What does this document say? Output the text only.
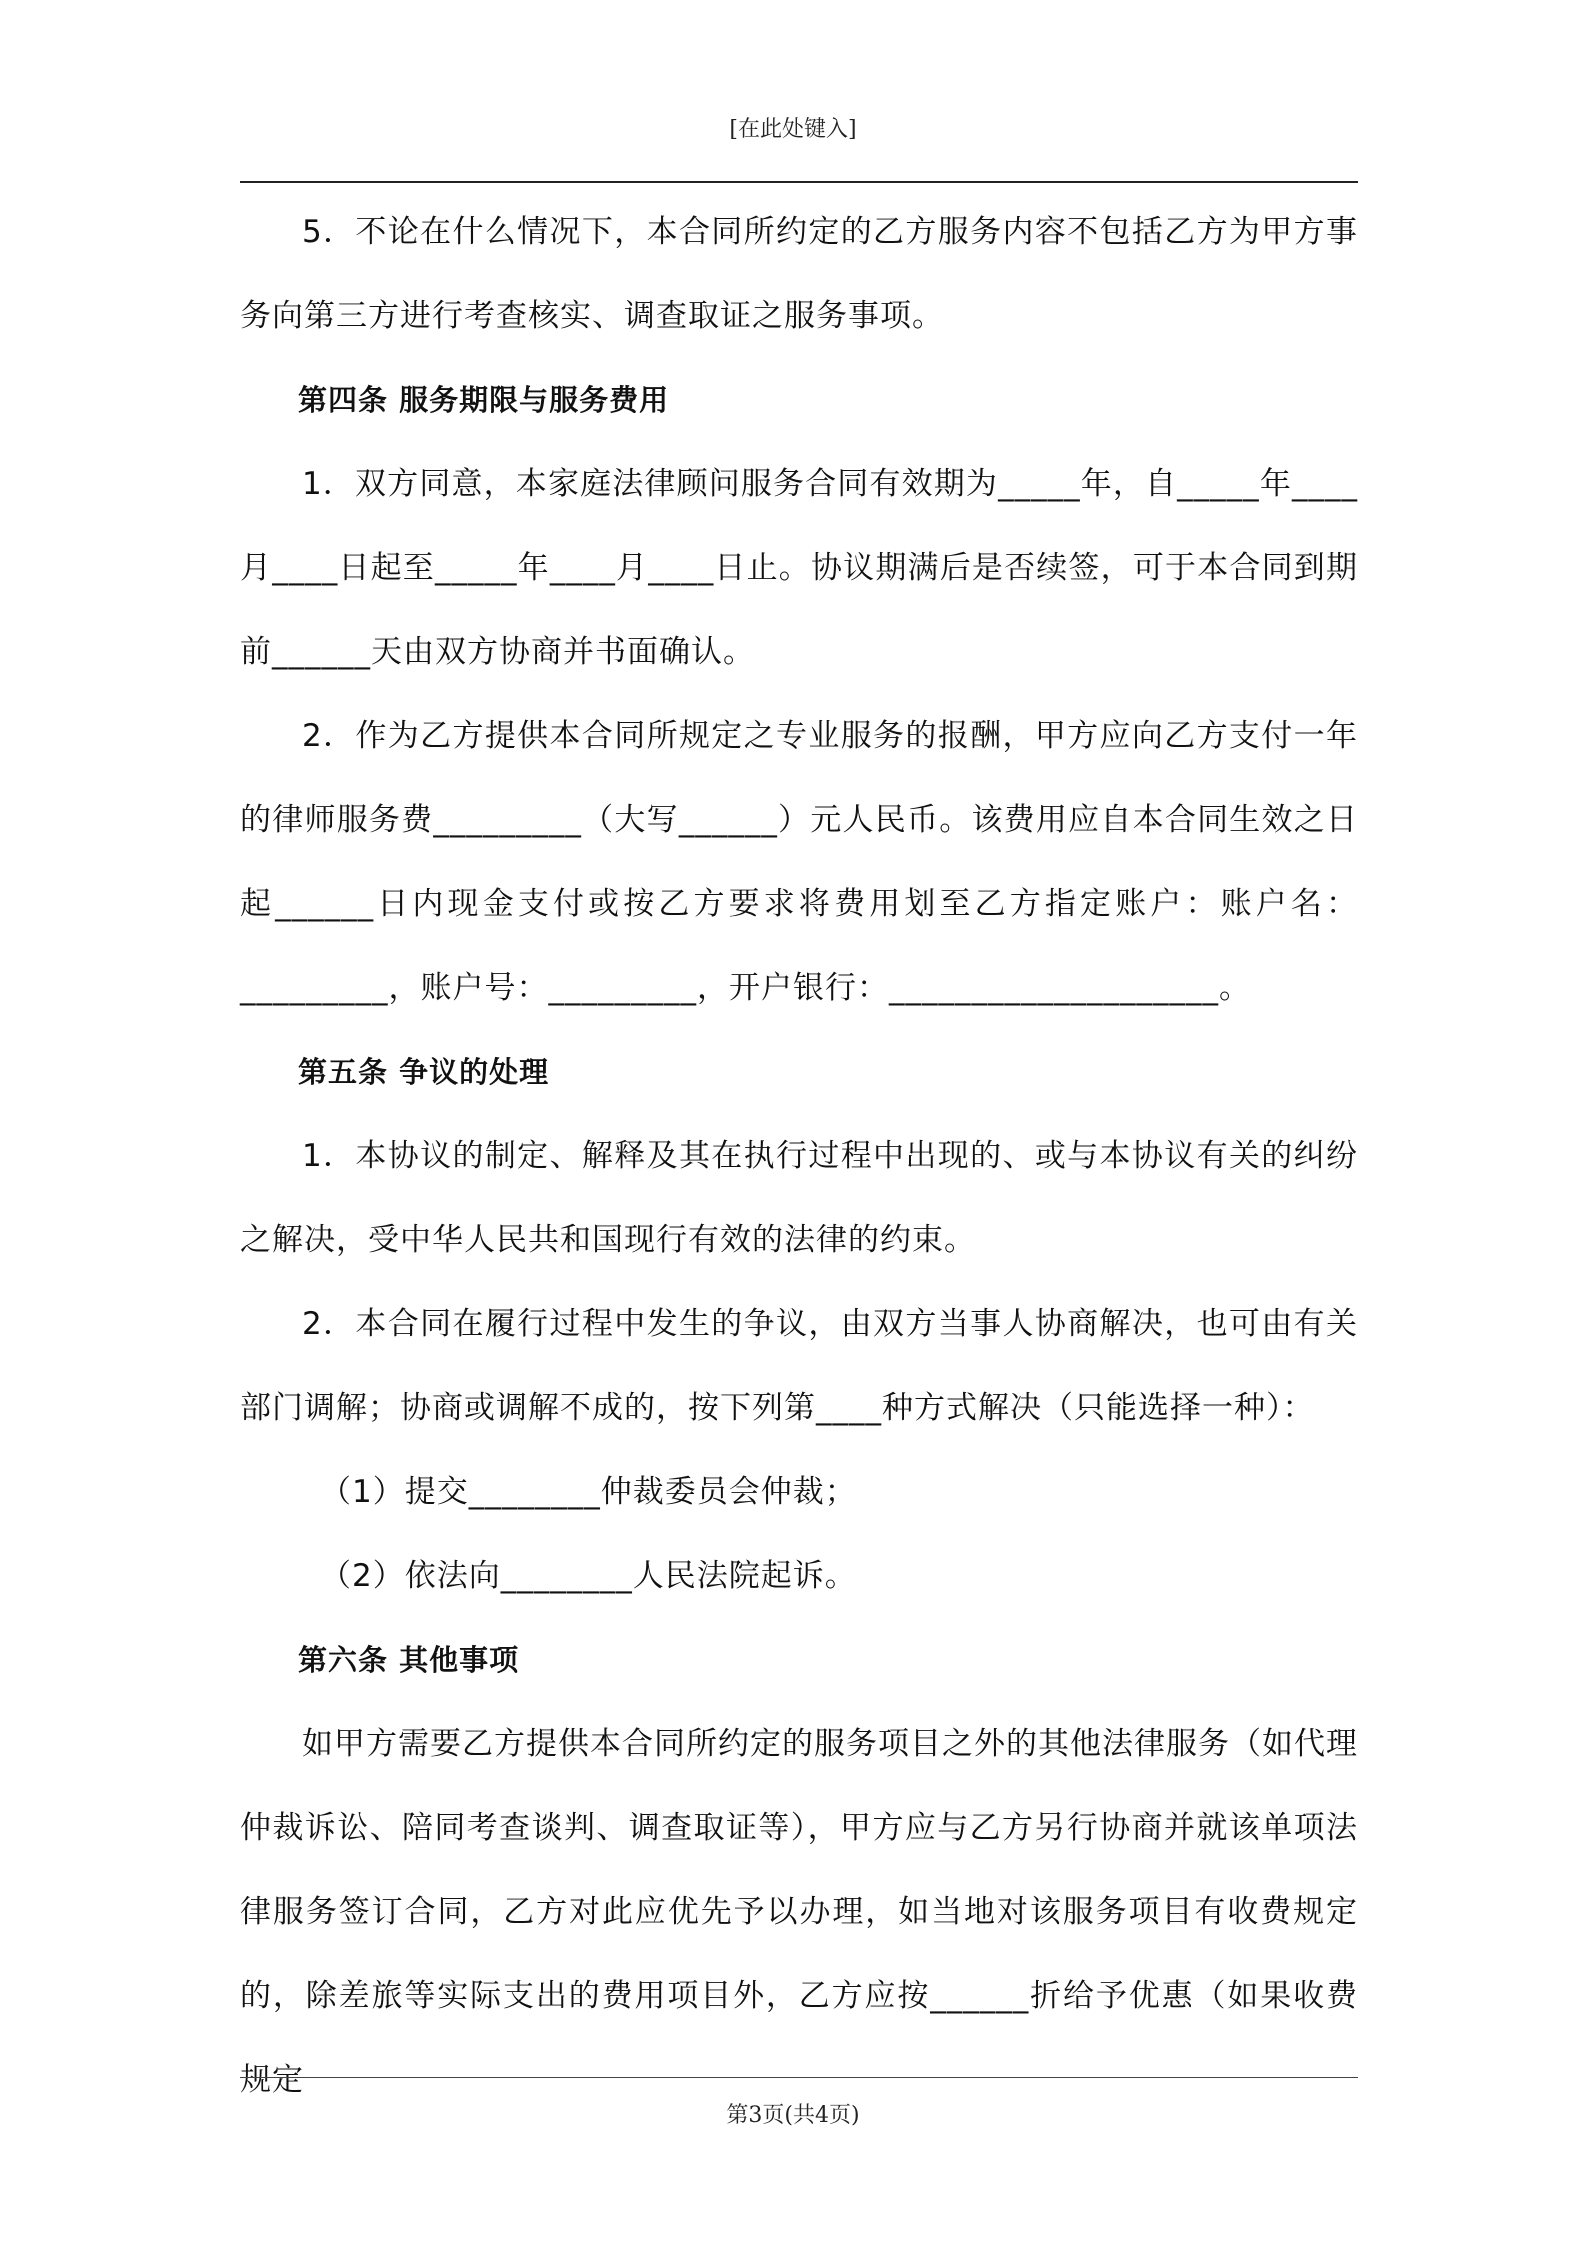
[在此处键入]

5．不论在什么情况下，本合同所约定的乙方服务内容不包括乙方为甲方事务向第三方进行考查核实、调查取证之服务事项。

第四条 服务期限与服务费用

1．双方同意，本家庭法律顾问服务合同有效期为_____年，自_____年____月____日起至_____年____月____日止。协议期满后是否续签，可于本合同到期前______天由双方协商并书面确认。

2．作为乙方提供本合同所规定之专业服务的报酬，甲方应向乙方支付一年的律师服务费_________（大写______）元人民币。该费用应自本合同生效之日起______日内现金支付或按乙方要求将费用划至乙方指定账户：账户名：_________，账户号：_________，开户银行：____________________。

第五条 争议的处理

1．本协议的制定、解释及其在执行过程中出现的、或与本协议有关的纠纷之解决，受中华人民共和国现行有效的法律的约束。

2．本合同在履行过程中发生的争议，由双方当事人协商解决，也可由有关部门调解；协商或调解不成的，按下列第____种方式解决（只能选择一种）：

（1）提交________仲裁委员会仲裁；

（2）依法向________人民法院起诉。

第六条 其他事项

如甲方需要乙方提供本合同所约定的服务项目之外的其他法律服务（如代理仲裁诉讼、陪同考查谈判、调查取证等），甲方应与乙方另行协商并就该单项法律服务签订合同，乙方对此应优先予以办理，如当地对该服务项目有收费规定的，除差旅等实际支出的费用项目外，乙方应按______折给予优惠（如果收费规定

第3页(共4页)
